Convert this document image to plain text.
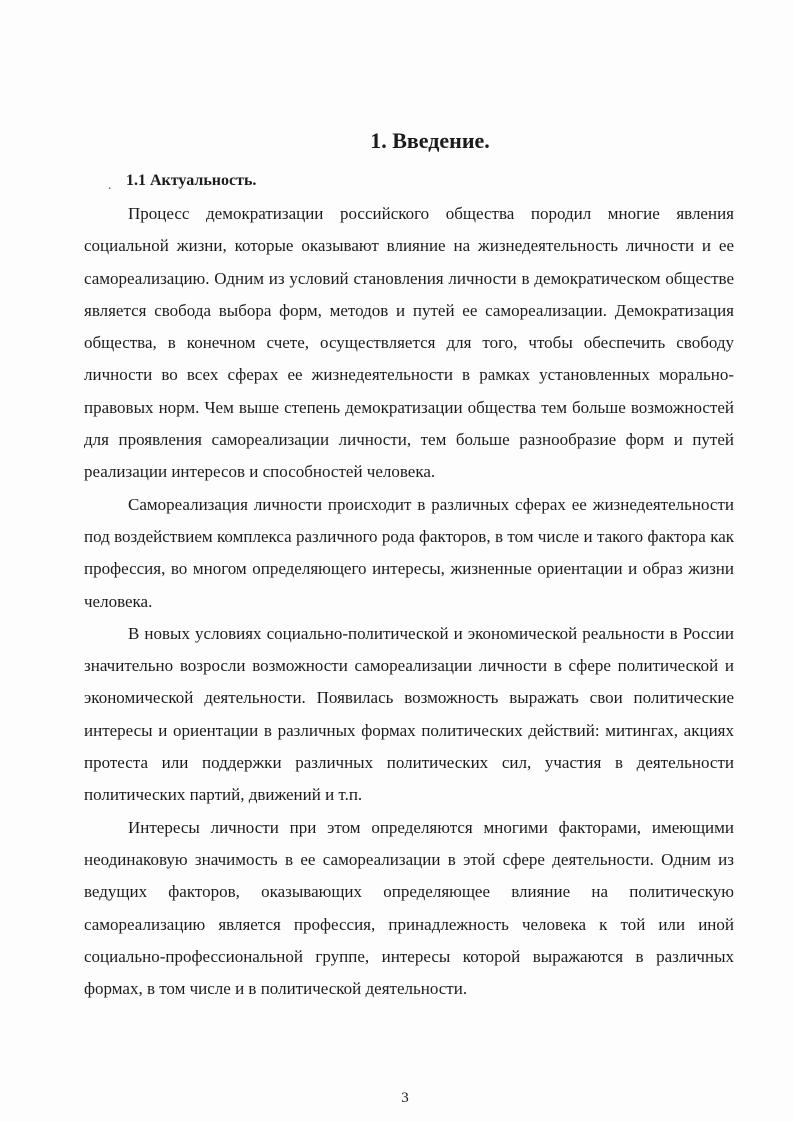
1. Введение.
. 1.1 Актуальность.

Процесс демократизации российского общества породил многие явления социальной жизни, которые оказывают влияние на жизнедеятельность личности и ее самореализацию. Одним из условий становления личности в демократическом обществе является свобода выбора форм, методов и путей ее самореализации. Демократизация общества, в конечном счете, осуществляется для того, чтобы обеспечить свободу личности во всех сферах ее жизнедеятельности в рамках установленных морально-правовых норм. Чем выше степень демократизации общества тем больше возможностей для проявления самореализации личности, тем больше разнообразие форм и путей реализации интересов и способностей человека.

Самореализация личности происходит в различных сферах ее жизнедеятельности под воздействием комплекса различного рода факторов, в том числе и такого фактора как профессия, во многом определяющего интересы, жизненные ориентации и образ жизни человека.

В новых условиях социально-политической и экономической реальности в России значительно возросли возможности самореализации личности в сфере политической и экономической деятельности. Появилась возможность выражать свои политические интересы и ориентации в различных формах политических действий: митингах, акциях протеста или поддержки различных политических сил, участия в деятельности политических партий, движений и т.п.

Интересы личности при этом определяются многими факторами, имеющими неодинаковую значимость в ее самореализации в этой сфере деятельности. Одним из ведущих факторов, оказывающих определяющее влияние на политическую самореализацию является профессия, принадлежность человека к той или иной социально-профессиональной группе, интересы которой выражаются в различных формах, в том числе и в политической деятельности.

3
